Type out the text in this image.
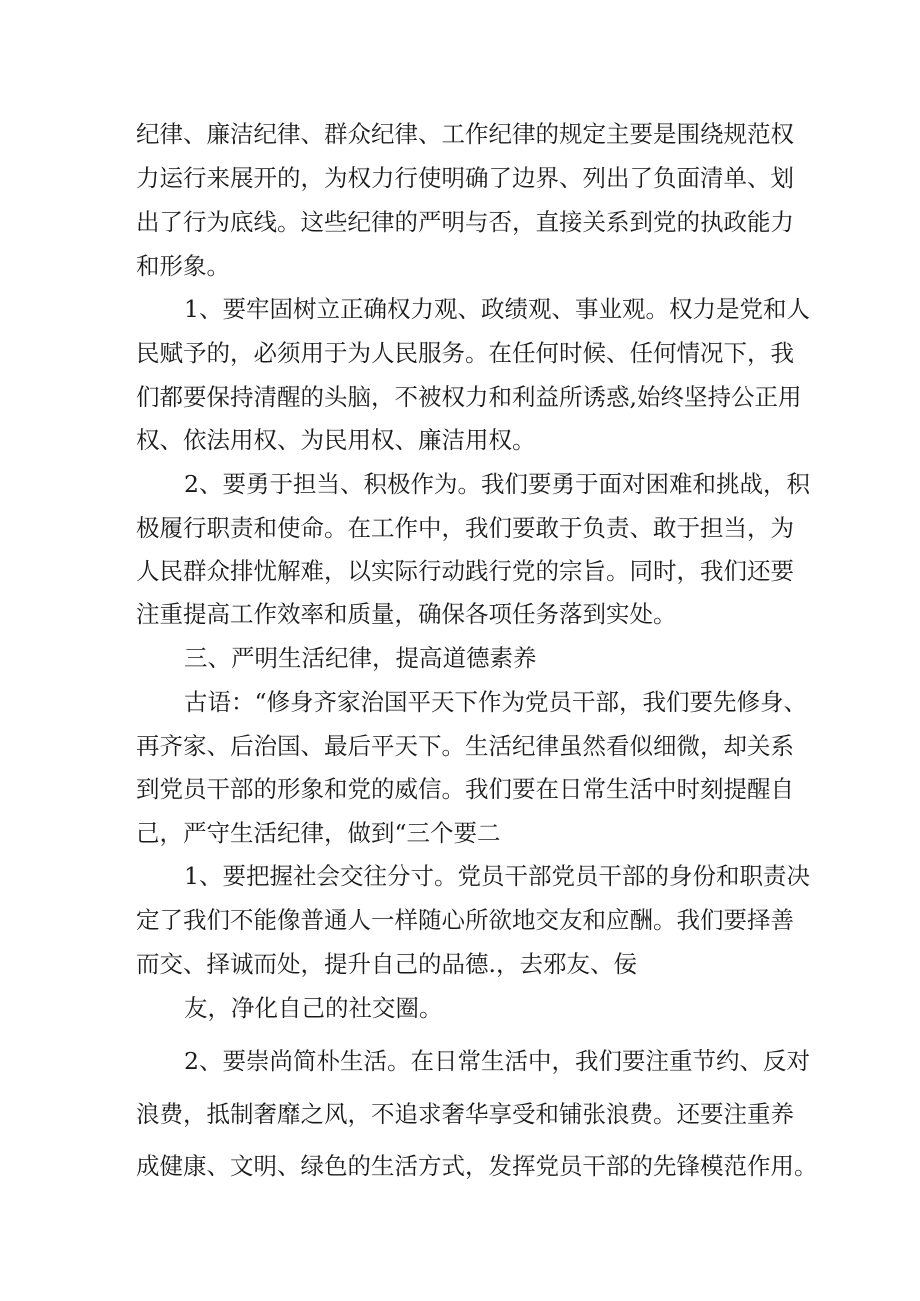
纪律、廉洁纪律、群众纪律、工作纪律的规定主要是围绕规范权
力运行来展开的，为权力行使明确了边界、列出了负面清单、划
出了行为底线。这些纪律的严明与否，直接关系到党的执政能力
和形象。
1、要牢固树立正确权力观、政绩观、事业观。权力是党和人
民赋予的，必须用于为人民服务。在任何时候、任何情况下，我
们都要保持清醒的头脑，不被权力和利益所诱惑,始终坚持公正用
权、依法用权、为民用权、廉洁用权。
2、要勇于担当、积极作为。我们要勇于面对困难和挑战，积
极履行职责和使命。在工作中，我们要敢于负责、敢于担当，为
人民群众排忧解难，以实际行动践行党的宗旨。同时，我们还要
注重提高工作效率和质量，确保各项任务落到实处。
三、严明生活纪律，提高道德素养
古语：“修身齐家治国平天下作为党员干部，我们要先修身、
再齐家、后治国、最后平天下。生活纪律虽然看似细微，却关系
到党员干部的形象和党的威信。我们要在日常生活中时刻提醒自
己，严守生活纪律，做到“三个要二
1、要把握社会交往分寸。党员干部党员干部的身份和职责决
定了我们不能像普通人一样随心所欲地交友和应酬。我们要择善
而交、择诚而处，提升自己的品德.，去邪友、佞
友，净化自己的社交圈。
2、要崇尚简朴生活。在日常生活中，我们要注重节约、反对
浪费，抵制奢靡之风，不追求奢华享受和铺张浪费。还要注重养
成健康、文明、绿色的生活方式，发挥党员干部的先锋模范作用。
